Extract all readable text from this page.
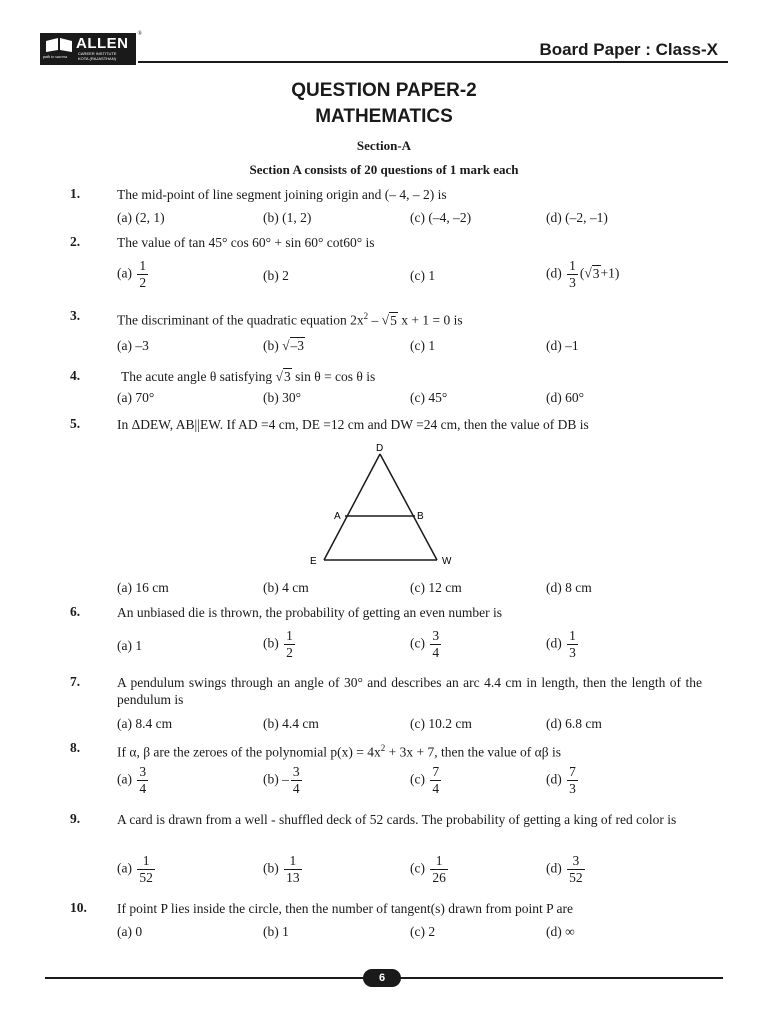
ALLEN
CAREER INSTITUTE
KOTA (RAJASTHAN)
path to success
®
Board Paper : Class-X
QUESTION PAPER-2
MATHEMATICS
Section-A
Section A consists of 20 questions of 1 mark each
1.	The mid-point of line segment joining origin and (– 4, – 2) is
(a) (2, 1)	(b) (1, 2)	(c) (–4, –2)	(d) (–2, –1)
2.	The value of tan 45° cos 60° + sin 60° cot60° is
$(a) \frac{1}{2}$	(b) 2	(c) 1	$(d) \frac{1}{3} (√3+1)$
3.	The discriminant of the quadratic equation $2x^2 - √5$ x + 1 = 0 is
(a) –3	(b) √–3	(c) 1	(d) –1
4.	The acute angle θ satisfying √3 sin θ = cos θ is
(a) 70°	(b) 30°	(c) 45°	(d) 60°
5.	In ΔDEW, AB||EW. If AD =4 cm, DE =12 cm and DW =24 cm, then the value of DB is
D
A	B
E	W
(a) 16 cm	(b) 4 cm	(c) 12 cm	(d) 8 cm
6.	An unbiased die is thrown, the probability of getting an even number is
(a) 1	$(b) \frac{1}{2}$	$(c) \frac{3}{4}$	$(d) \frac{1}{3}$
7.	A pendulum swings through an angle of 30° and describes an arc 4.4 cm in length, then the length of the pendulum is
(a) 8.4 cm	(b) 4.4 cm	(c) 10.2 cm	(d) 6.8 cm
8.	If α, β are the zeroes of the polynomial $p(x) = 4x^2 + 3x + 7$, then the value of αβ is
$(a) \frac{3}{4}$	$(b) - \frac{3}{4}$	$(c) \frac{7}{4}$	$(d) \frac{7}{3}$
9.	A card is drawn from a well - shuffled deck of 52 cards. The probability of getting a king of red color is
$(a) \frac{1}{52}$	$(b) \frac{1}{13}$	$(c) \frac{1}{26}$	$(d) \frac{3}{52}$
10. If point P lies inside the circle, then the number of tangent(s) drawn from point P are
(a) 0	(b) 1	(c) 2	(d) ∞
6
